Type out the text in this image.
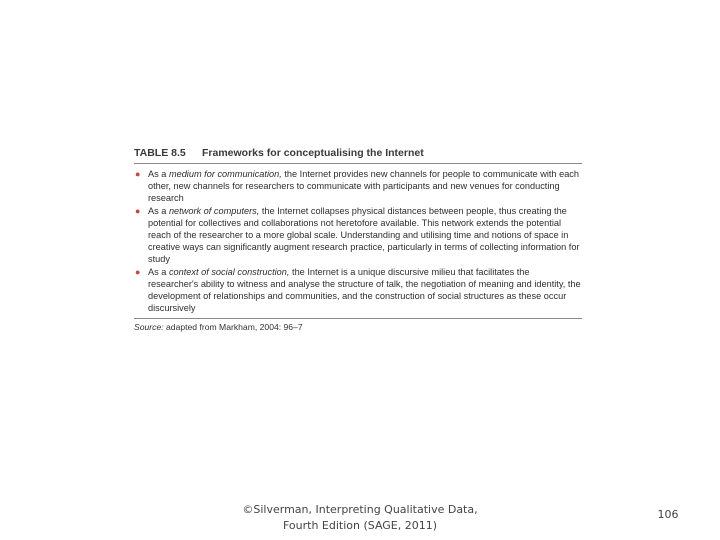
TABLE 8.5 Frameworks for conceptualising the Internet
● As a medium for communication, the Internet provides new channels for people to communicate with each other, new channels for researchers to communicate with participants and new venues for conducting research
● As a network of computers, the Internet collapses physical distances between people, thus creating the potential for collectives and collaborations not heretofore available. This network extends the potential reach of the researcher to a more global scale. Understanding and utilising time and notions of space in creative ways can significantly augment research practice, particularly in terms of collecting information for study
● As a context of social construction, the Internet is a unique discursive milieu that facilitates the researcher's ability to witness and analyse the structure of talk, the negotiation of meaning and identity, the development of relationships and communities, and the construction of social structures as these occur discursively
Source: adapted from Markham, 2004: 96–7
©Silverman, Interpreting Qualitative Data,
Fourth Edition (SAGE, 2011)
106
